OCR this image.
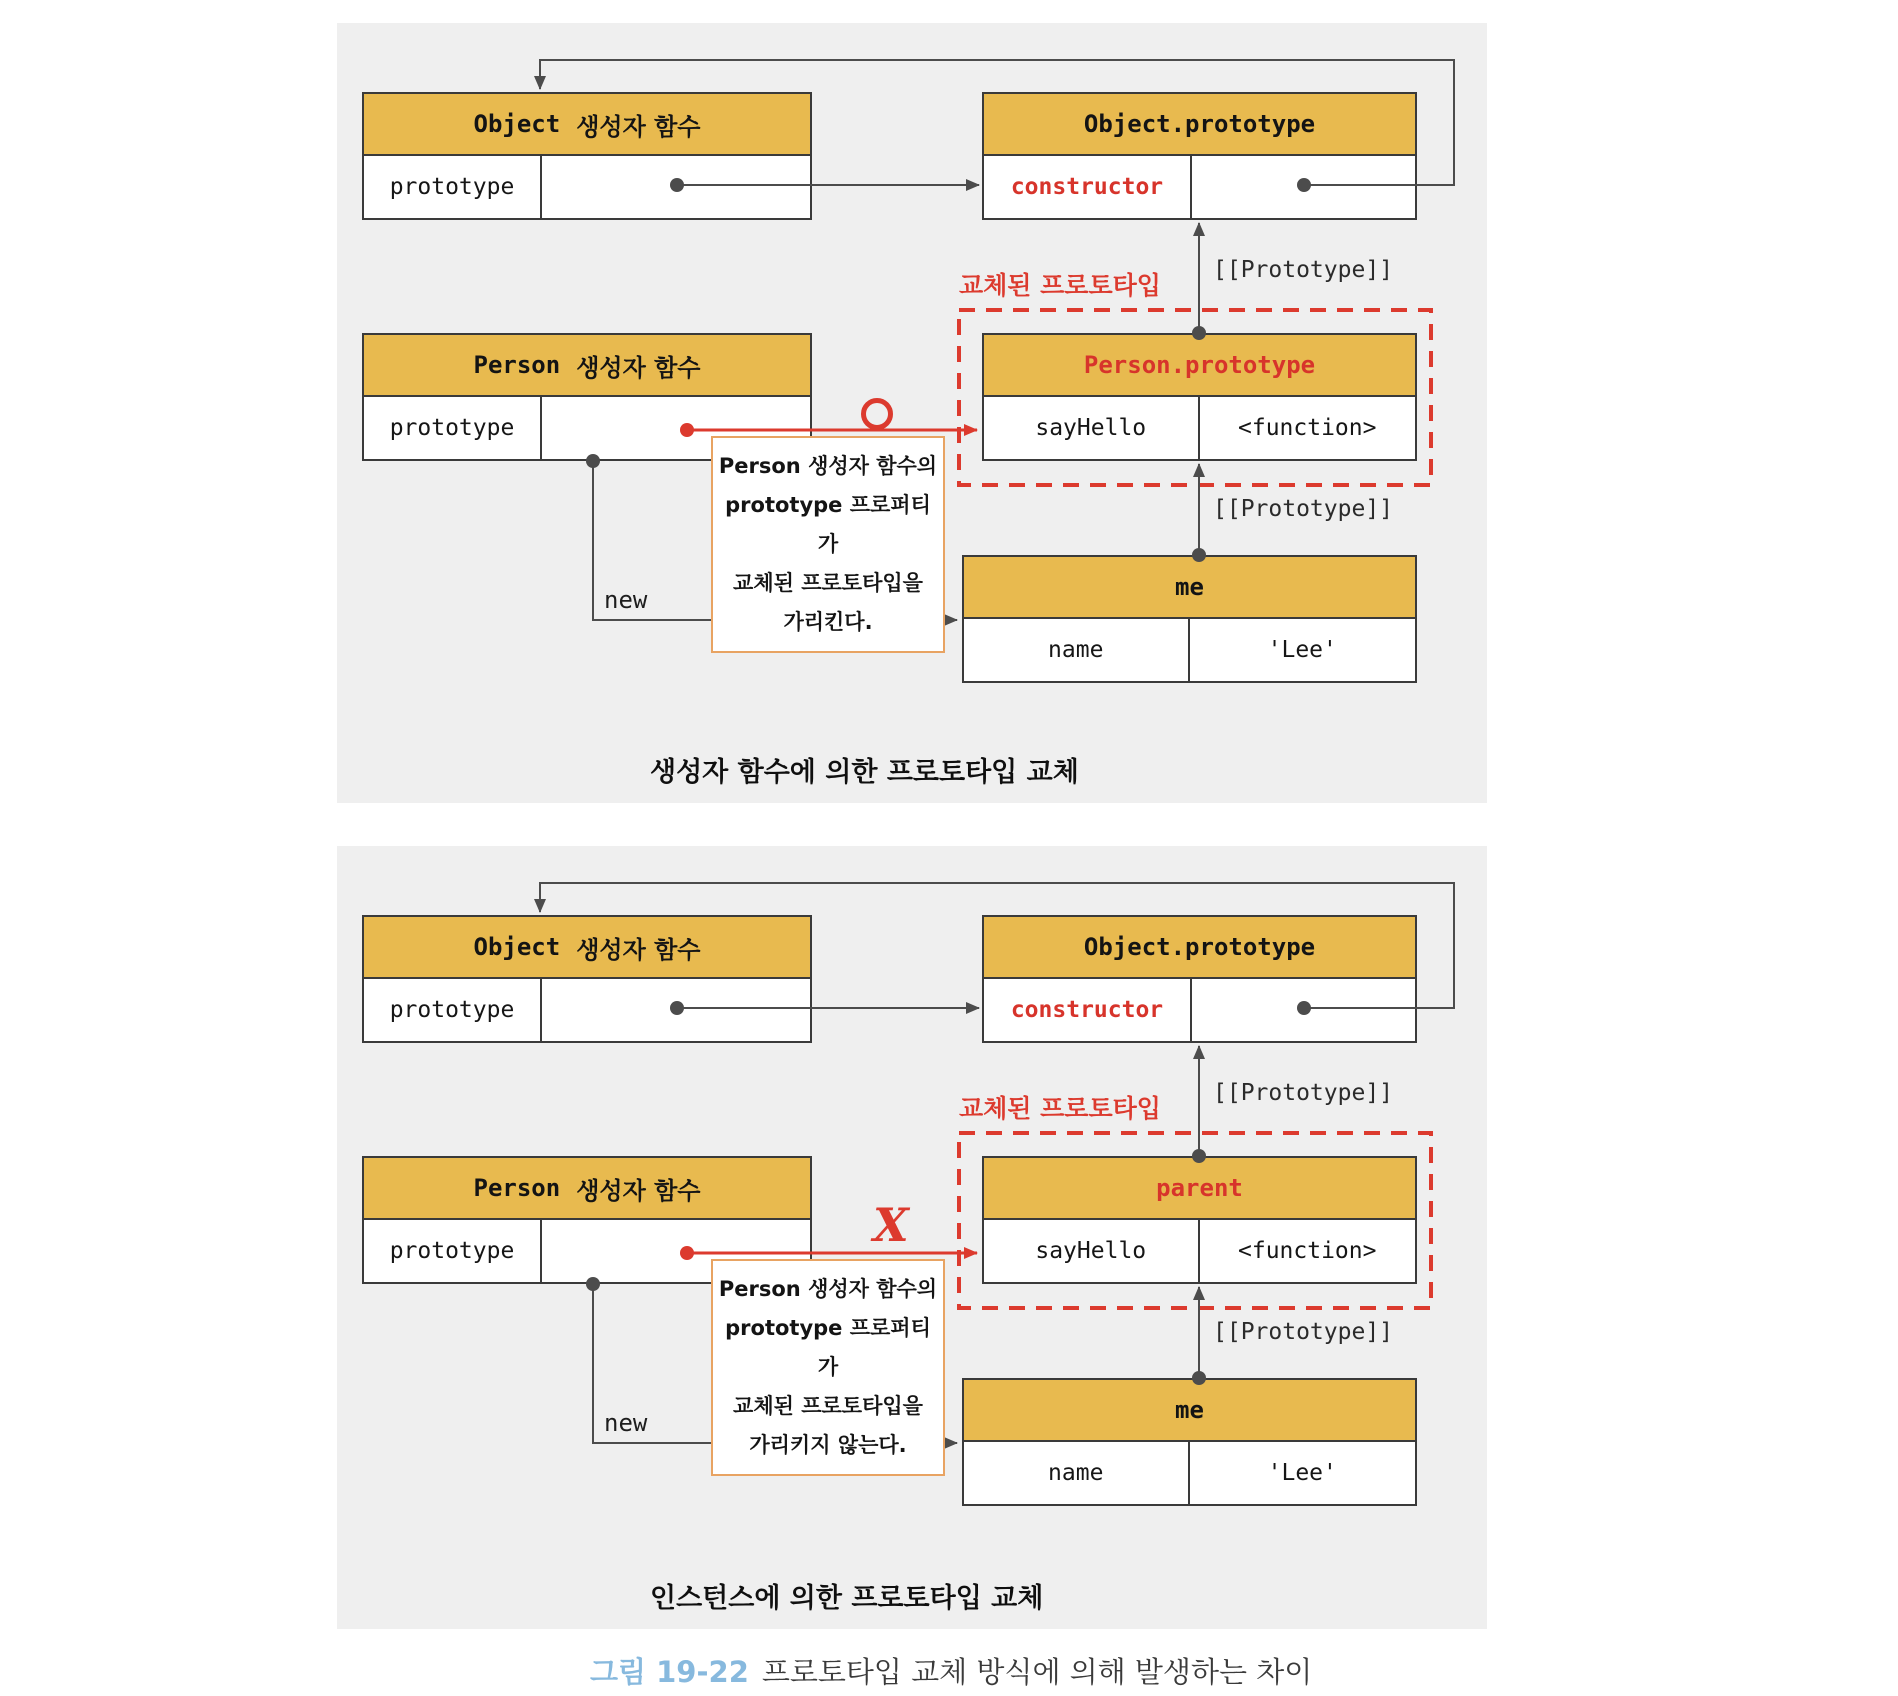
Object 생성자 함수
prototype
Object.prototype
constructor
Person 생성자 함수
prototype
Person.prototype
sayHello	<function>
me
name	'Lee'
교체된 프로토타입
[[Prototype]]
[[Prototype]]
new
Person 생성자 함수의
prototype 프로퍼티가
교체된 프로토타입을
가리킨다.
생성자 함수에 의한 프로토타입 교체
Object 생성자 함수
prototype
Object.prototype
constructor
Person 생성자 함수
prototype
parent
sayHello	<function>
me
name	'Lee'
교체된 프로토타입
[[Prototype]]
[[Prototype]]
new
X
Person 생성자 함수의
prototype 프로퍼티가
교체된 프로토타입을
가리키지 않는다.
인스턴스에 의한 프로토타입 교체
그림 19-22 프로토타입 교체 방식에 의해 발생하는 차이
